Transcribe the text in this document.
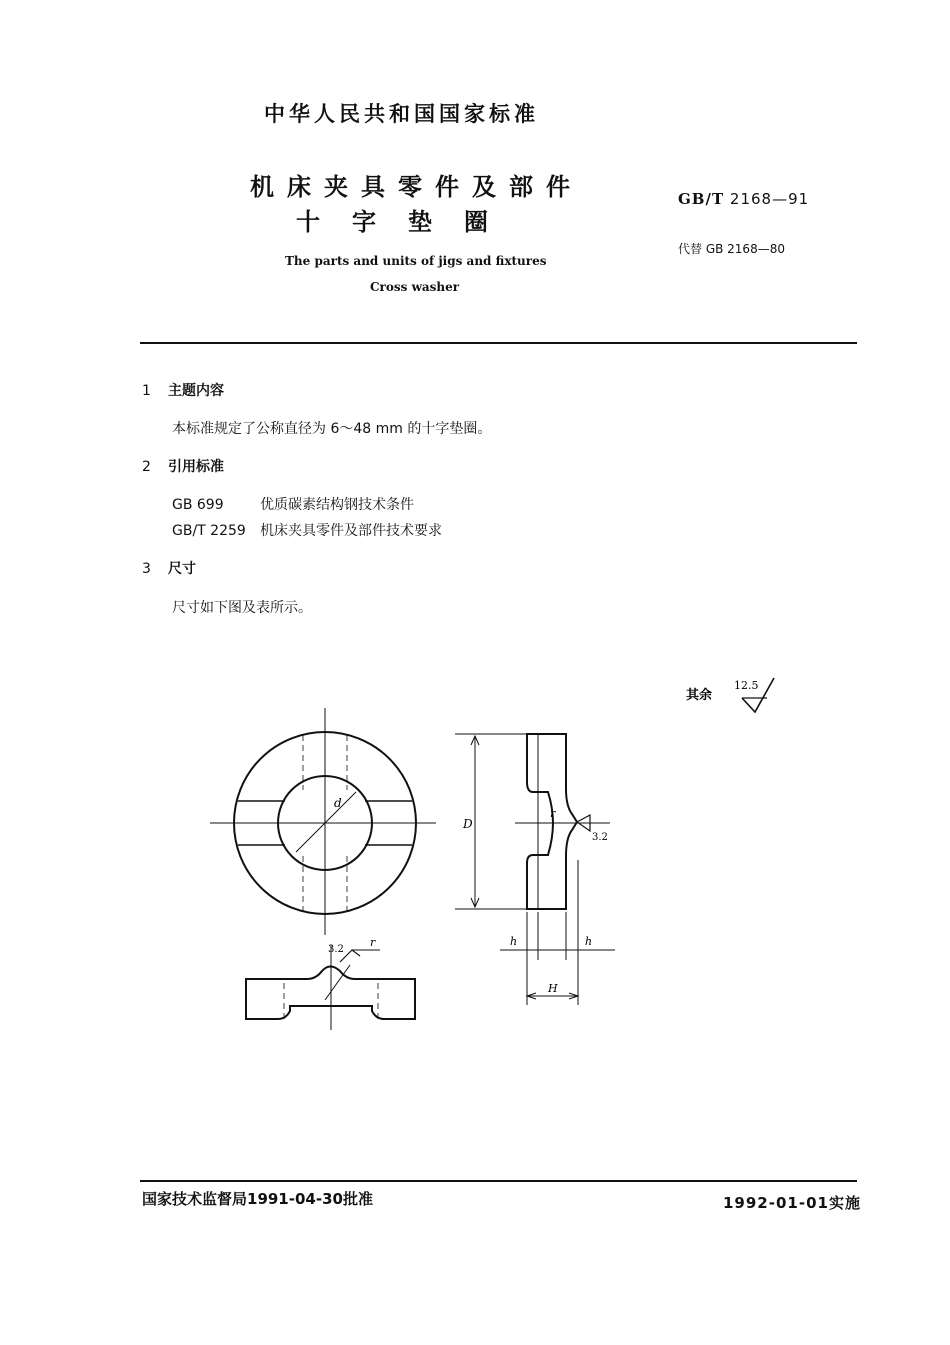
中华人民共和国国家标准
机床夹具零件及部件
十 字 垫 圈
The parts and units of jigs and fixtures
Cross washer
GB/T 2168—91
代替 GB 2168—80
1 主题内容
本标准规定了公称直径为 6～48 mm 的十字垫圈。
2 引用标准
GB 699	优质碳素结构钢技术条件
GB/T 2259 机床夹具零件及部件技术要求
3 尺寸
尺寸如下图及表所示。
d
D
r
3.2
h	h
H
r
3.2
其余
12.5
国家技术监督局1991-04-30批准	1992-01-01实施
